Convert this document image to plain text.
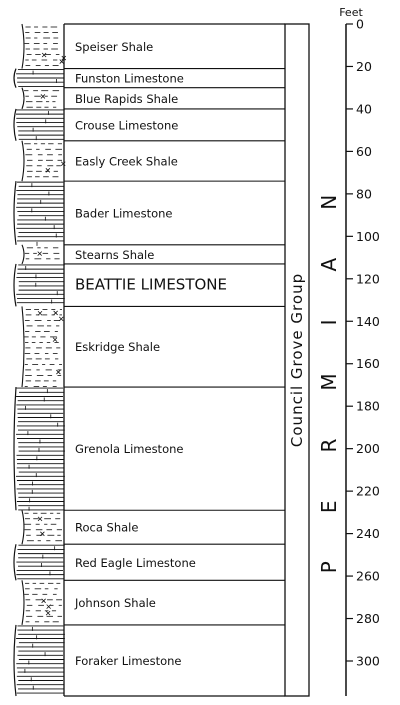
Speiser Shale
Funston Limestone
Blue Rapids Shale
Crouse Limestone
Easly Creek Shale
Bader Limestone
Stearns Shale
BEATTIE LIMESTONE
Eskridge Shale
Grenola Limestone
Roca Shale
Red Eagle Limestone
Johnson Shale
Foraker Limestone
Council Grove Group PERMIAN
Feet
0
20
40
60
80
100
120
140
160
180
200
220
240
260
280
300
